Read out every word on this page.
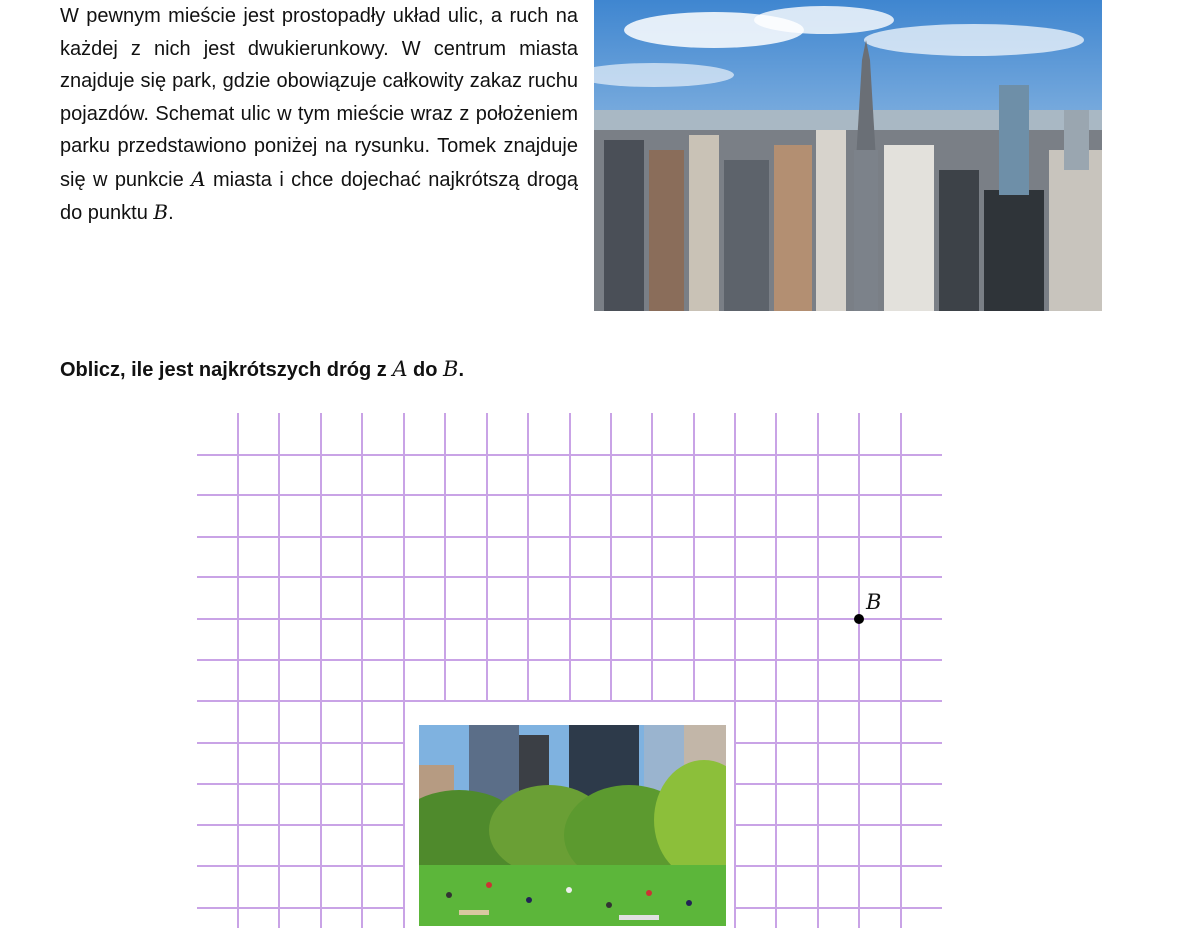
W pewnym mieście jest prostopadły układ ulic, a ruch na każdej z nich jest dwukierunkowy. W centrum miasta znajduje się park, gdzie obowiązuje całkowity zakaz ruchu pojazdów. Schemat ulic w tym mieście wraz z położeniem parku przedstawiono poniżej na rysunku. Tomek znajduje się w punkcie A miasta i chce dojechać najkrótszą drogą do punktu B.

Oblicz, ile jest najkrótszych dróg z A do B.
B
